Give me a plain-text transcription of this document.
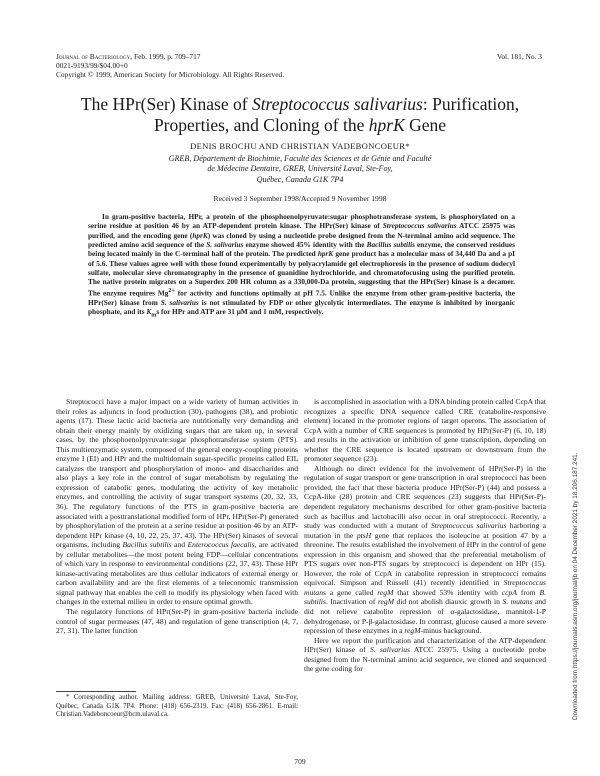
Journal of Bacteriology, Feb. 1999, p. 709–717
0021-9193/99/$04.00+0
Copyright © 1999, American Society for Microbiology. All Rights Reserved.
Vol. 181, No. 3
The HPr(Ser) Kinase of Streptococcus salivarius: Purification,
Properties, and Cloning of the hprK Gene
DENIS BROCHU AND CHRISTIAN VADEBONCOEUR*
GREB, Département de Biochimie, Faculté des Sciences et de Génie and Faculté
de Médecine Dentaire, GREB, Université Laval, Ste-Foy,
Québec, Canada G1K 7P4
Received 3 September 1998/Accepted 9 November 1998
In gram-positive bacteria, HPr, a protein of the phosphoenolpyruvate:sugar phosphotransferase system, is phosphorylated on a serine residue at position 46 by an ATP-dependent protein kinase. The HPr(Ser) kinase of Streptococcus salivarius ATCC 25975 was purified, and the encoding gene (hprK) was cloned by using a nucleotide probe designed from the N-terminal amino acid sequence. The predicted amino acid sequence of the S. salivarius enzyme showed 45% identity with the Bacillus subtilis enzyme, the conserved residues being located mainly in the C-terminal half of the protein. The predicted hprK gene product has a molecular mass of 34,440 Da and a pI of 5.6. These values agree well with those found experimentally by polyacrylamide gel electrophoresis in the presence of sodium dodecyl sulfate, molecular sieve chromatography in the presence of guanidine hydrochloride, and chromatofocusing using the purified protein. The native protein migrates on a Superdex 200 HR column as a 330,000-Da protein, suggesting that the HPr(Ser) kinase is a decamer. The enzyme requires $Mg^{2+}$ for activity and functions optimally at pH 7.5. Unlike the enzyme from other gram-positive bacteria, the HPr(Ser) kinase from S. salivarius is not stimulated by FDP or other glycolytic intermediates. The enzyme is inhibited by inorganic phosphate, and its $K_ms$ for HPr and ATP are 31 μM and 1 mM, respectively.

Streptococci have a major impact on a wide variety of human activities in their roles as adjuncts in food production (30), pathogens (38), and probiotic agents (17). These lactic acid bacteria are nutritionally very demanding and obtain their energy mainly by oxidizing sugars that are taken up, in several cases, by the phosphoenolpyruvate:sugar phosphotransferase system (PTS). This multienzymatic system, composed of the general energy-coupling proteins enzyme I (EI) and HPr and the multidomain sugar-specific proteins called EII, catalyzes the transport and phosphorylation of mono- and disaccharides and also plays a key role in the control of sugar metabolism by regulating the expression of catabolic genes, modulating the activity of key metabolic enzymes, and controlling the activity of sugar transport systems (20, 32, 33, 36). The regulatory functions of the PTS in gram-positive bacteria are associated with a posttranslational modified form of HPr, HPr(Ser-P) generated by phosphorylation of the protein at a serine residue at position 46 by an ATP-dependent HPr kinase (4, 10, 22, 25, 37, 43). The HPr(Ser) kinases of several organisms, including Bacillus subtilis and Enterococcus faecalis, are activated by cellular metabolites—the most potent being FDP—cellular concentrations of which vary in response to environmental conditions (22, 37, 43). These HPr kinase-activating metabolites are thus cellular indicators of external energy or carbon availability and are the first elements of a teleconomic transmission signal pathway that enables the cell to modify its physiology when faced with changes in the external milieu in order to ensure optimal growth.

The regulatory functions of HPr(Ser-P) in gram-positive bacteria include control of sugar permeases (47, 48) and regulation of gene transcription (4, 7, 27, 31). The latter function

* Corresponding author. Mailing address: GREB, Université Laval, Ste-Foy, Québec, Canada G1K 7P4. Phone: (418) 656-2319. Fax: (418) 656-2861. E-mail: Christian.Vadeboncoeur@bcm.ulaval.ca.

is accomplished in association with a DNA binding protein called CcpA that recognizes a specific DNA sequence called CRE (catabolite-responsive element) located in the promoter regions of target operons. The association of CcpA with a number of CRE sequences is promoted by HPr(Ser-P) (6, 10, 18) and results in the activation or inhibition of gene transcription, depending on whether the CRE sequence is located upstream or downstream from the promoter sequence (23).

Although no direct evidence for the involvement of HPr(Ser-P) in the regulation of sugar transport or gene transcription in oral streptococci has been provided, the fact that these bacteria produce HPr(Ser-P) (44) and possess a CcpA-like (28) protein and CRE sequences (23) suggests that HPr(Ser-P)-dependent regulatory mechanisms described for other gram-positive bacteria such as bacillus and lactobacilli also occur in oral streptococci. Recently, a study was conducted with a mutant of Streptococcus salivarius harboring a mutation in the ptsH gene that replaces the isoleucine at position 47 by a threonine. The results established the involvement of HPr in the control of gene expression in this organism and showed that the preferential metabolism of PTS sugars over non-PTS sugars by streptococci is dependent on HPr (15). However, the role of CcpA in catabolite repression in streptococci remains equivocal. Simpson and Russell (41) recently identified in Streptococcus mutans a gene called regM that showed 53% identity with ccpA from B. subtilis. Inactivation of regM did not abolish diauxic growth in S. mutans and did not relieve catabolite repression of α-galactosidase, mannitol-1-P dehydrogenase, or P-β-galactosidase. In contrast, glucose caused a more severe repression of these enzymes in a regM-minus background.

Here we report the purification and characterization of the ATP-dependent HPr(Ser) kinase of S. salivarius ATCC 25975. Using a nucleotide probe designed from the N-terminal amino acid sequence, we cloned and sequenced the gene coding for

709
Downloaded from https://journals.asm.org/journal/jb on 04 December 2021 by 18.206.187.241.
